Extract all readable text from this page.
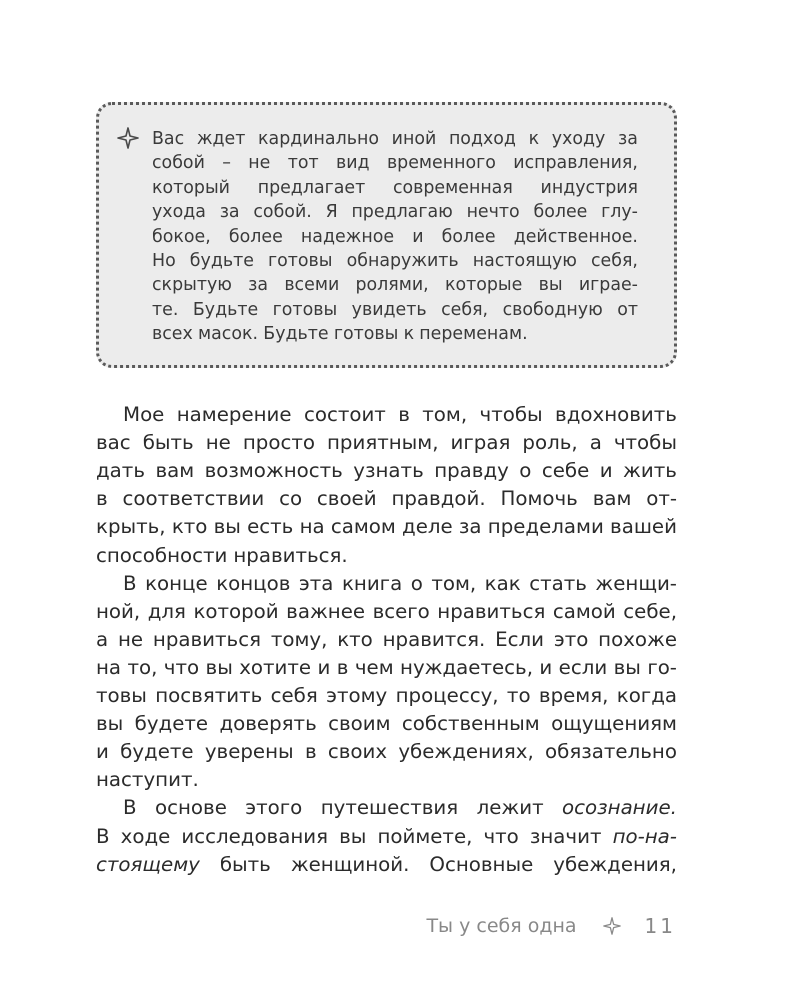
Вас ждет кардинально иной подход к уходу за
собой – не тот вид временного исправления,
который предлагает современная индустрия
ухода за собой. Я предлагаю нечто более глу-
бокое, более надежное и более действенное.
Но будьте готовы обнаружить настоящую себя,
скрытую за всеми ролями, которые вы играе-
те. Будьте готовы увидеть себя, свободную от
всех масок. Будьте готовы к переменам.
Мое намерение состоит в том, чтобы вдохновить
вас быть не просто приятным, играя роль, а чтобы
дать вам возможность узнать правду о себе и жить
в соответствии со своей правдой. Помочь вам от-
крыть, кто вы есть на самом деле за пределами вашей
способности нравиться.
В конце концов эта книга о том, как стать женщи-
ной, для которой важнее всего нравиться самой себе,
а не нравиться тому, кто нравится. Если это похоже
на то, что вы хотите и в чем нуждаетесь, и если вы го-
товы посвятить себя этому процессу, то время, когда
вы будете доверять своим собственным ощущениям
и будете уверены в своих убеждениях, обязательно
наступит.
В основе этого путешествия лежит осознание.
В ходе исследования вы поймете, что значит по-на-
стоящему быть женщиной. Основные убеждения,
Ты у себя одна	11
